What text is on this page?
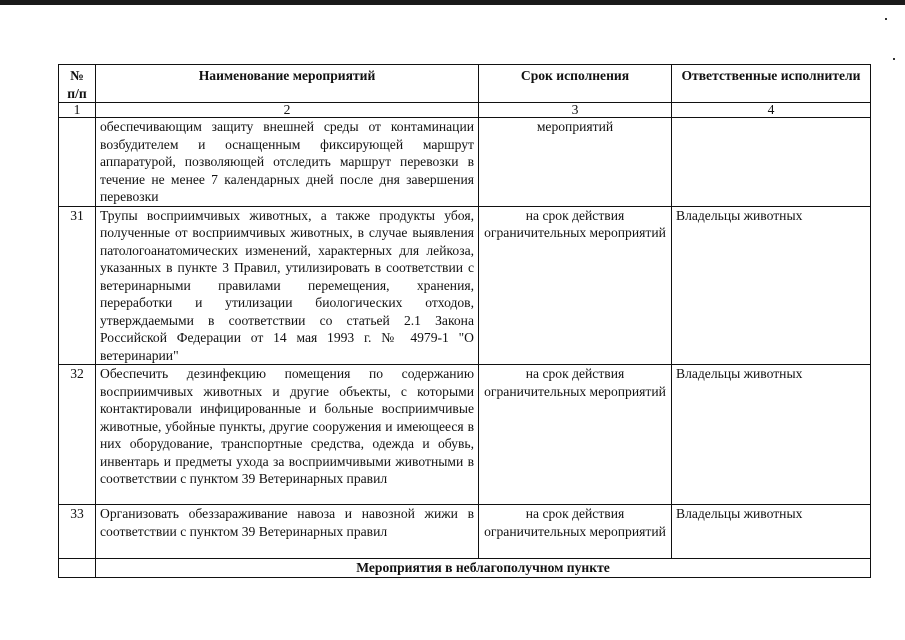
№ п/п	Наименование мероприятий	Срок исполнения	Ответственные исполнители
1	2	3	4
	обеспечивающим защиту внешней среды от контаминации возбудителем и оснащенным фиксирующей маршрут аппаратурой, позволяющей отследить маршрут перевозки в течение не менее 7 календарных дней после дня завершения перевозки	мероприятий	
31	Трупы восприимчивых животных, а также продукты убоя, полученные от восприимчивых животных, в случае выявления патологоанатомических изменений, характерных для лейкоза, указанных в пункте 3 Правил, утилизировать в соответствии с ветеринарными правилами перемещения, хранения, переработки и утилизации биологических отходов, утверждаемыми в соответствии со статьей 2.1 Закона Российской Федерации от 14 мая 1993 г. № 4979-1 "О ветеринарии"	на срок действия ограничительных мероприятий	Владельцы животных
32	Обеспечить дезинфекцию помещения по содержанию восприимчивых животных и другие объекты, с которыми контактировали инфицированные и больные восприимчивые животные, убойные пункты, другие сооружения и имеющееся в них оборудование, транспортные средства, одежда и обувь, инвентарь и предметы ухода за восприимчивыми животными в соответствии с пунктом 39 Ветеринарных правил	на срок действия ограничительных мероприятий	Владельцы животных
33	Организовать обеззараживание навоза и навозной жижи в соответствии с пунктом 39 Ветеринарных правил	на срок действия ограничительных мероприятий	Владельцы животных
	Мероприятия в неблагополучном пункте		
